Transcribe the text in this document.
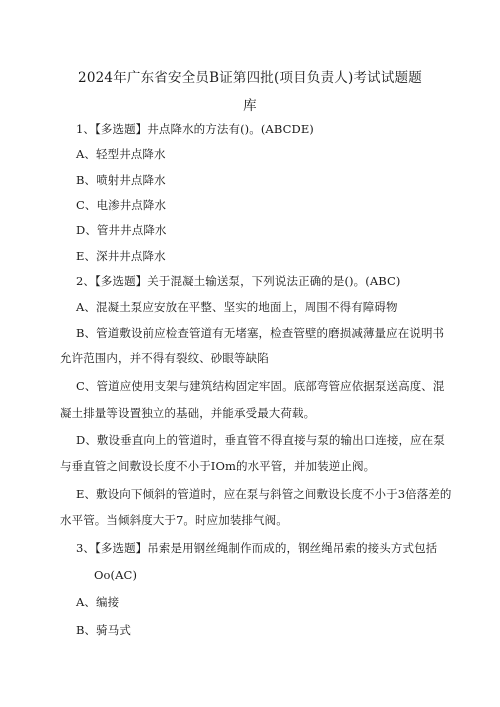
2024年广东省安全员B证第四批(项目负责人)考试试题题
库
1、【多选题】井点降水的方法有()。(ABCDE)
A、轻型井点降水
B、喷射井点降水
C、电渗井点降水
D、管井井点降水
E、深井井点降水
2、【多选题】关于混凝土输送泵，下列说法正确的是()。(ABC)
A、混凝土泵应安放在平整、坚实的地面上，周围不得有障碍物
B、管道敷设前应检查管道有无堵塞，检查管壁的磨损减薄量应在说明书
允许范围内，并不得有裂纹、砂眼等缺陷
C、管道应使用支架与建筑结构固定牢固。底部弯管应依据泵送高度、混
凝土排量等设置独立的基础，并能承受最大荷载。
D、敷设垂直向上的管道时，垂直管不得直接与泵的输出口连接，应在泵
与垂直管之间敷设长度不小于IOm的水平管，并加装逆止阀。
E、敷设向下倾斜的管道时，应在泵与斜管之间敷设长度不小于3倍落差的
水平管。当倾斜度大于7。时应加装排气阀。
3、【多选题】吊索是用钢丝绳制作而成的，钢丝绳吊索的接头方式包括
Oo(AC)
A、编接
B、骑马式
